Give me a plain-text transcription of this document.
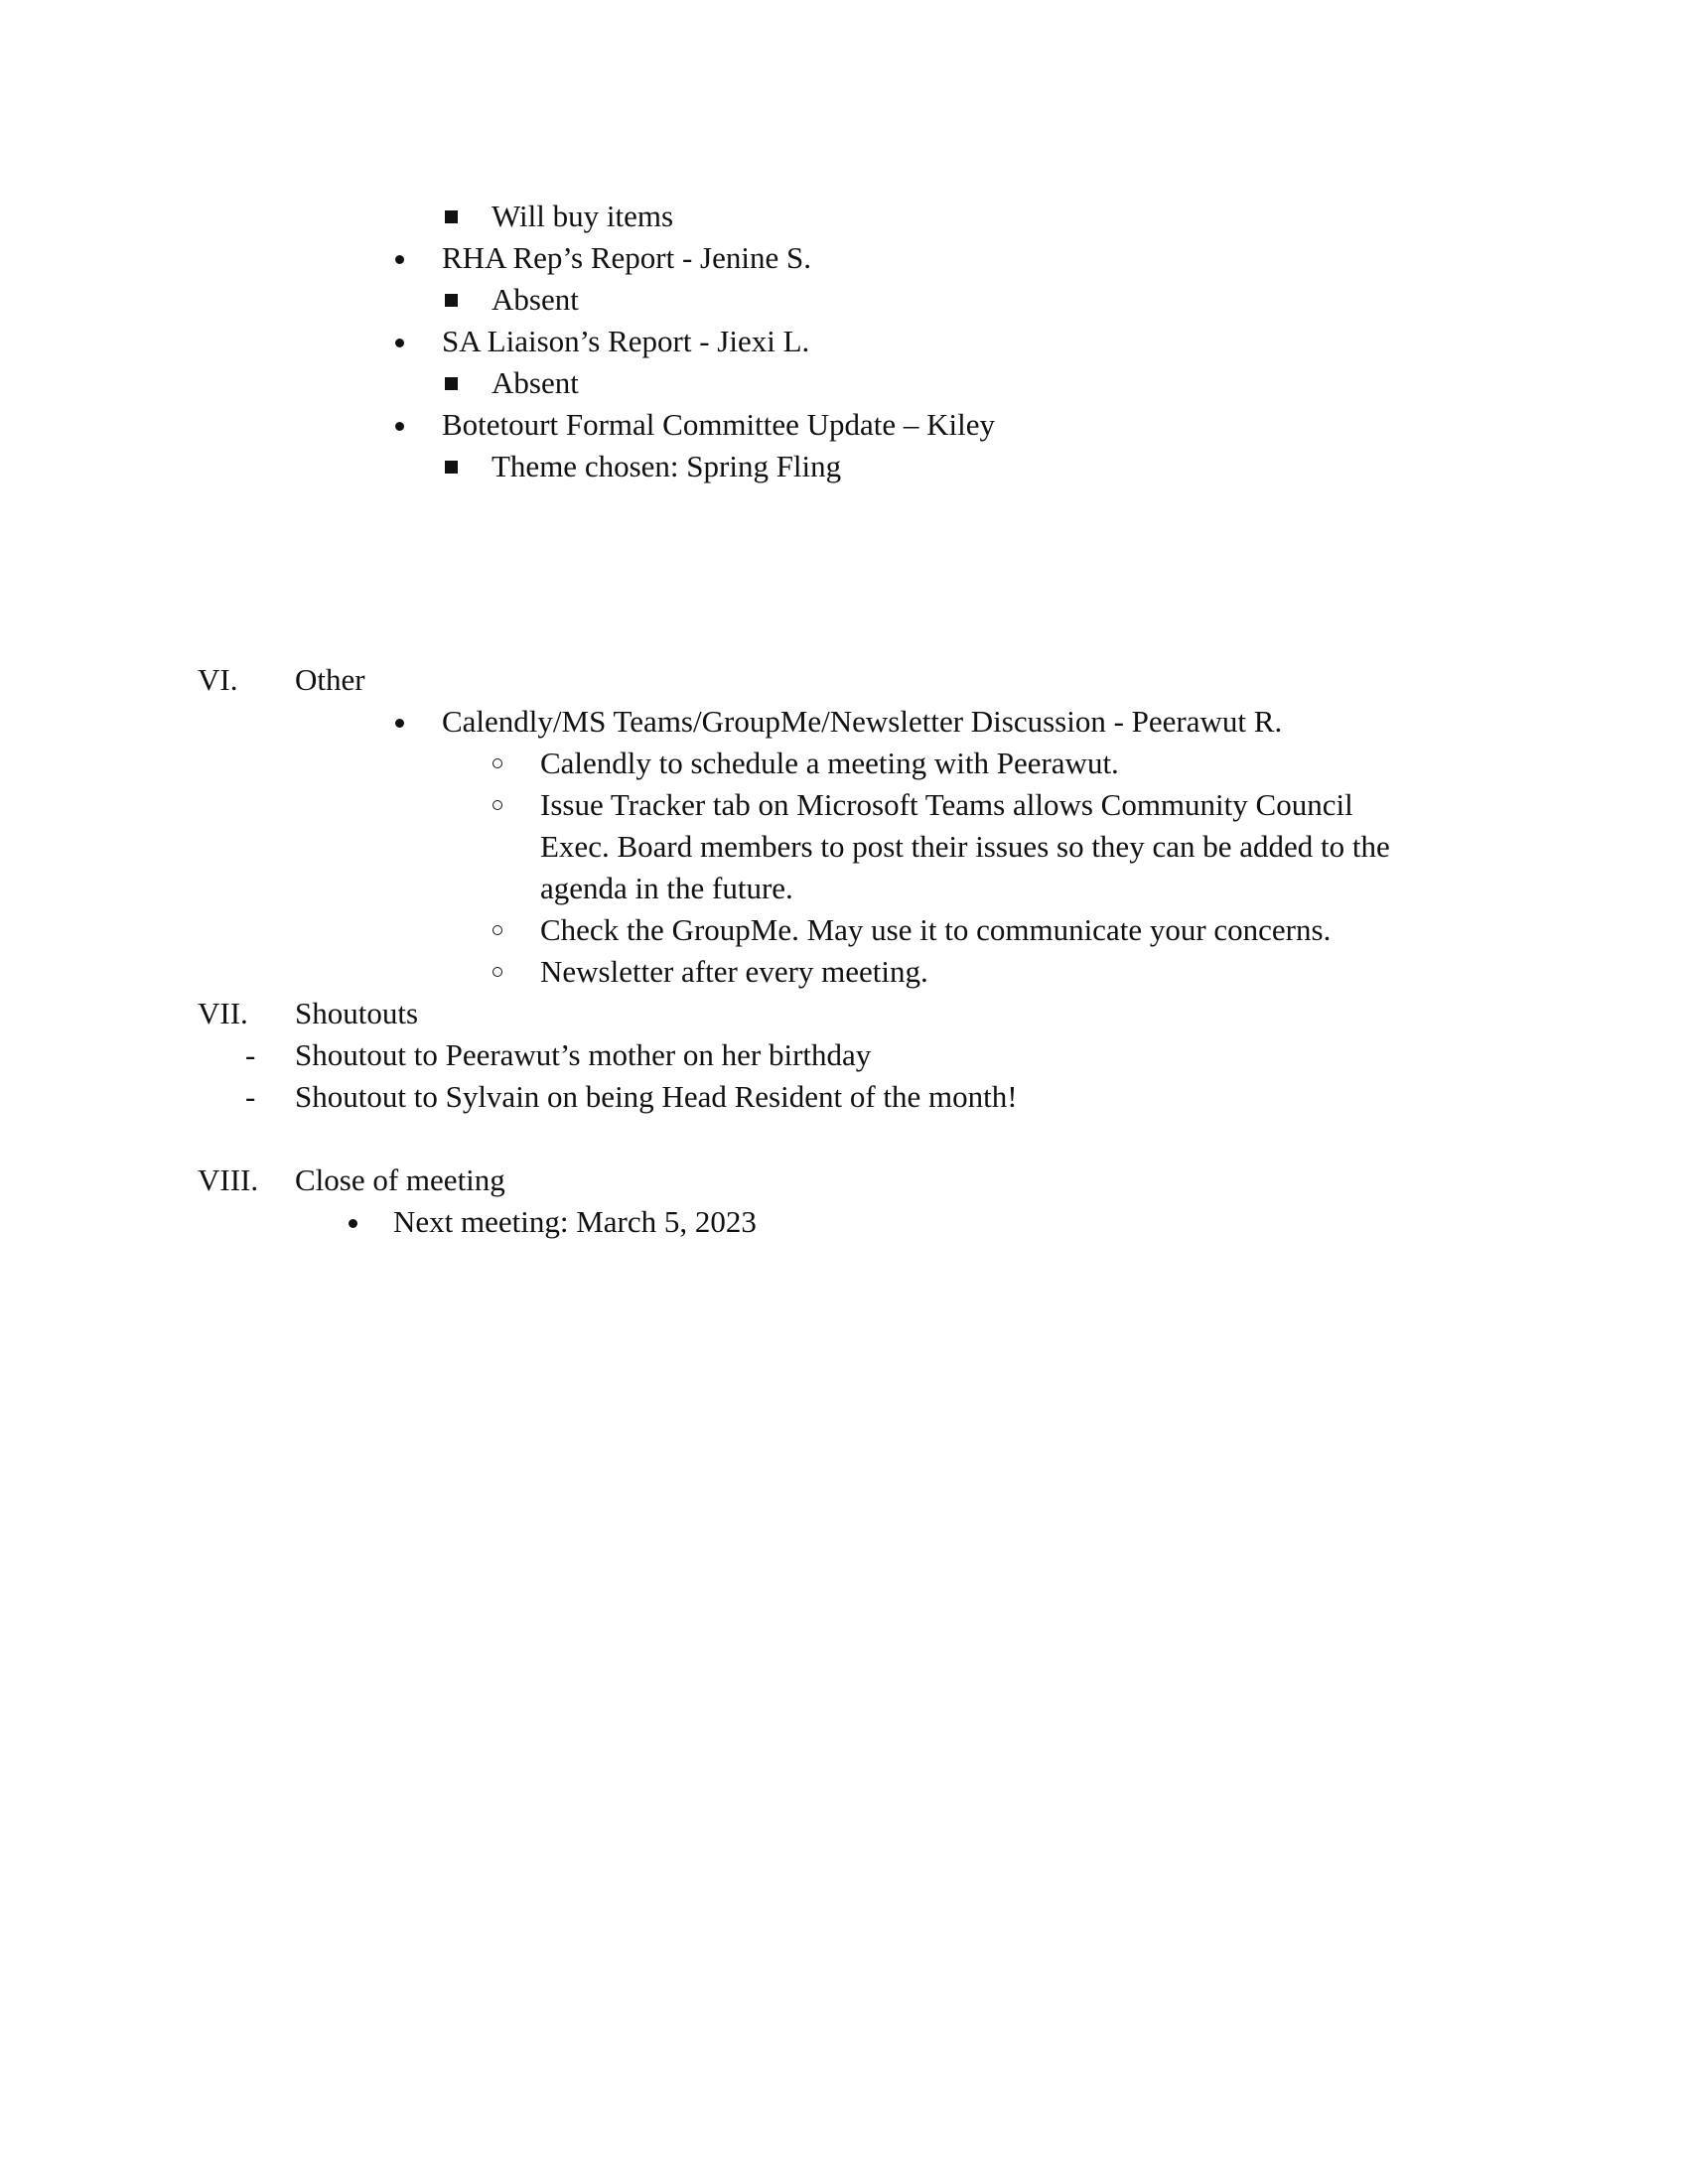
Will buy items
RHA Rep’s Report - Jenine S.
Absent
SA Liaison’s Report - Jiexi L.
Absent
Botetourt Formal Committee Update – Kiley
Theme chosen: Spring Fling
VI. Other
Calendly/MS Teams/GroupMe/Newsletter Discussion - Peerawut R.
Calendly to schedule a meeting with Peerawut.
Issue Tracker tab on Microsoft Teams allows Community Council
Exec. Board members to post their issues so they can be added to the
agenda in the future.
Check the GroupMe. May use it to communicate your concerns.
Newsletter after every meeting.
VII. Shoutouts
- Shoutout to Peerawut’s mother on her birthday
- Shoutout to Sylvain on being Head Resident of the month!
VIII. Close of meeting
Next meeting: March 5, 2023
